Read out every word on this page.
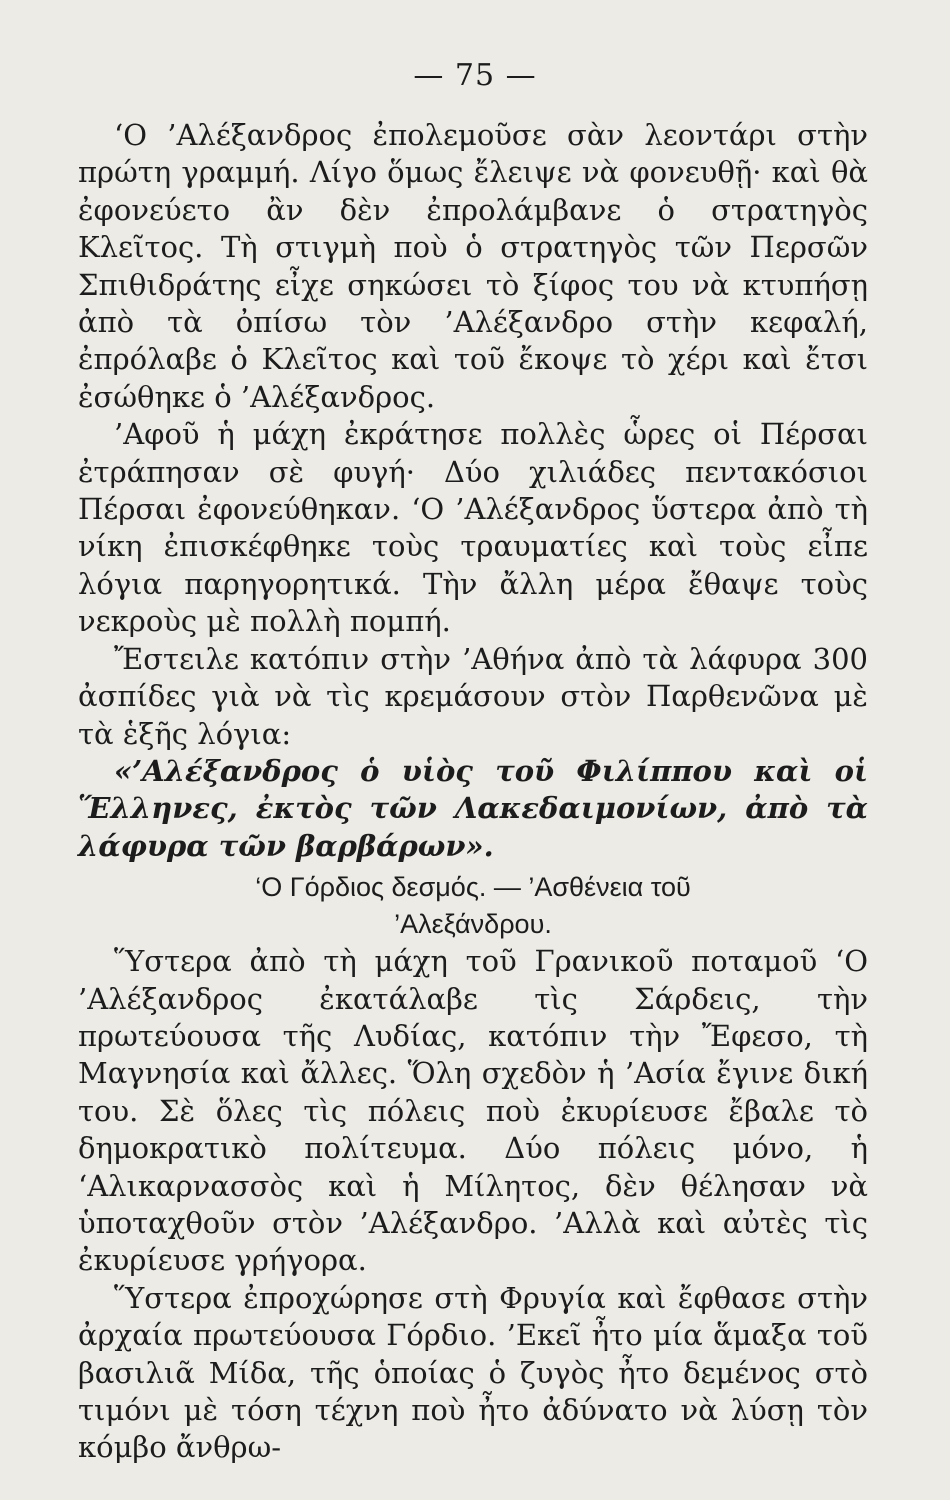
— 75 —

‘Ο ’Αλέξανδρος ἐπολεμοῦσε σὰν λεοντάρι στὴν πρώτη γραμμή. Λίγο ὅμως ἔλειψε νὰ φονευθῇ· καὶ θὰ ἐφονεύετο ἂν δὲν ἐπρολάμβανε ὁ στρατηγὸς Κλεῖτος. Τὴ στιγμὴ ποὺ ὁ στρατηγὸς τῶν Περσῶν Σπιθιδράτης εἶχε σηκώσει τὸ ξίφος του νὰ κτυπήσῃ ἀπὸ τὰ ὀπίσω τὸν ’Αλέξανδρο στὴν κεφαλή, ἐπρόλαβε ὁ Κλεῖτος καὶ τοῦ ἔκοψε τὸ χέρι καὶ ἔτσι ἐσώθηκε ὁ ’Αλέξανδρος.

’Αφοῦ ἡ μάχη ἐκράτησε πολλὲς ὧρες οἱ Πέρσαι ἐτράπησαν σὲ φυγή· Δύο χιλιάδες πεντακόσιοι Πέρσαι ἐφονεύθηκαν. ‘Ο ’Αλέξανδρος ὕστερα ἀπὸ τὴ νίκη ἐπισκέφθηκε τοὺς τραυματίες καὶ τοὺς εἶπε λόγια παρηγορητικά. Τὴν ἄλλη μέρα ἔθαψε τοὺς νεκροὺς μὲ πολλὴ πομπή.

Ἔστειλε κατόπιν στὴν ’Αθήνα ἀπὸ τὰ λάφυρα 300 ἀσπίδες γιὰ νὰ τὶς κρεμάσουν στὸν Παρθενῶνα μὲ τὰ ἑξῆς λόγια:

«’Αλέξανδρος ὁ υἱὸς τοῦ Φιλίππου καὶ οἱ Ἕλληνες, ἐκτὸς τῶν Λακεδαιμονίων, ἀπὸ τὰ λάφυρα τῶν βαρβάρων».

‘Ο Γόρδιος δεσμός. — ’Ασθένεια τοῦ
’Αλεξάνδρου.

Ὕστερα ἀπὸ τὴ μάχη τοῦ Γρανικοῦ ποταμοῦ ‘Ο ’Αλέξανδρος ἐκατάλαβε τὶς Σάρδεις, τὴν πρωτεύουσα τῆς Λυδίας, κατόπιν τὴν Ἔφεσο, τὴ Μαγνησία καὶ ἄλλες. Ὅλη σχεδὸν ἡ ’Ασία ἔγινε δική του. Σὲ ὅλες τὶς πόλεις ποὺ ἐκυρίευσε ἔβαλε τὸ δημοκρατικὸ πολίτευμα. Δύο πόλεις μόνο, ἡ ‘Αλικαρνασσὸς καὶ ἡ Μίλητος, δὲν θέλησαν νὰ ὑποταχθοῦν στὸν ’Αλέξανδρο. ’Αλλὰ καὶ αὐτὲς τὶς ἐκυρίευσε γρήγορα.

Ὕστερα ἐπροχώρησε στὴ Φρυγία καὶ ἔφθασε στὴν ἀρχαία πρωτεύουσα Γόρδιο. ’Εκεῖ ἦτο μία ἅμαξα τοῦ βασιλιᾶ Μίδα, τῆς ὁποίας ὁ ζυγὸς ἦτο δεμένος στὸ τιμόνι μὲ τόση τέχνη ποὺ ἦτο ἀδύνατο νὰ λύσῃ τὸν κόμβο ἄνθρω-
